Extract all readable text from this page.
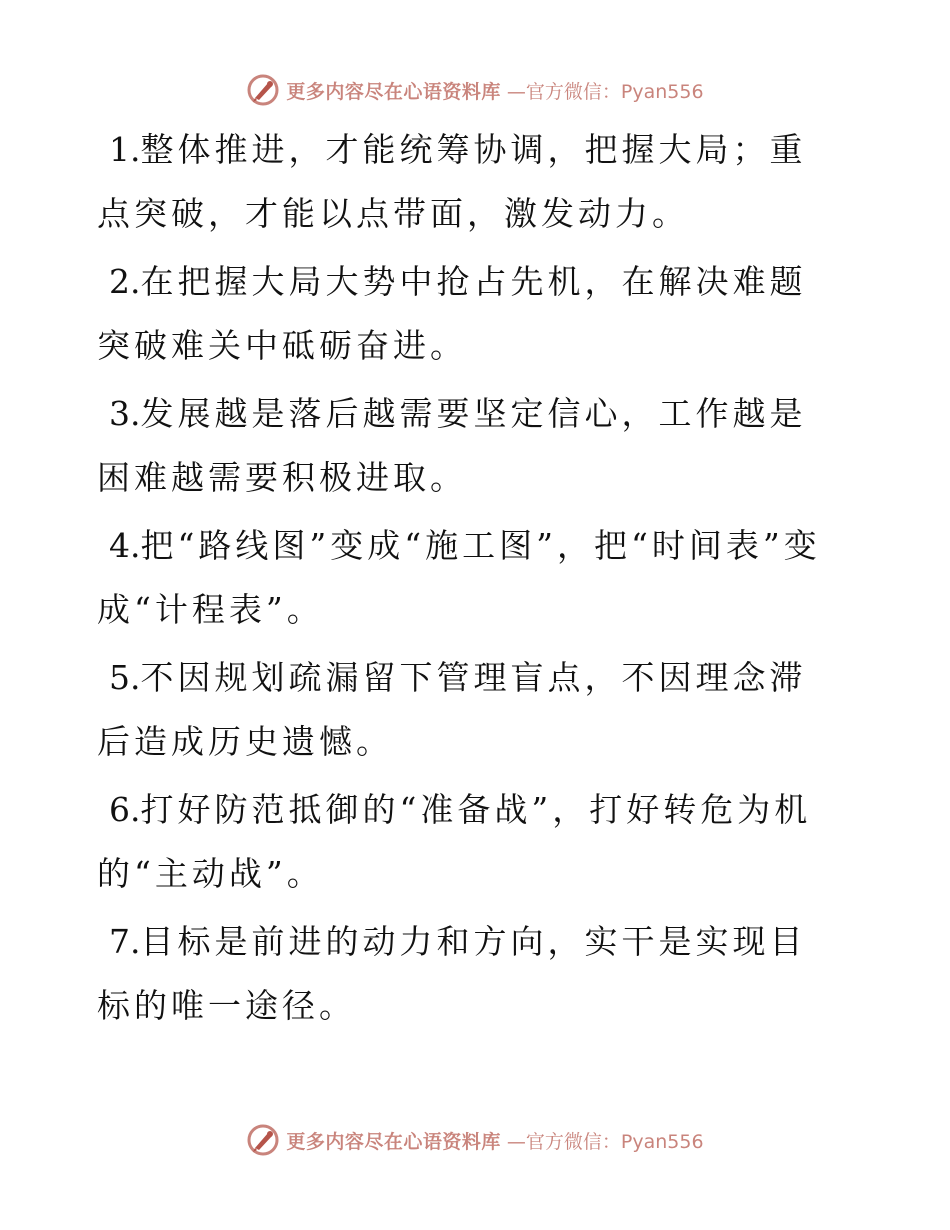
更多内容尽在心语资料库 —官方微信：Pyan556

1.整体推进，才能统筹协调，把握大局；重点突破，才能以点带面，激发动力。

2.在把握大局大势中抢占先机，在解决难题突破难关中砥砺奋进。

3.发展越是落后越需要坚定信心，工作越是困难越需要积极进取。

4.把“路线图”变成“施工图”，把“时间表”变成“计程表”。

5.不因规划疏漏留下管理盲点，不因理念滞后造成历史遗憾。

6.打好防范抵御的“准备战”，打好转危为机的“主动战”。

7.目标是前进的动力和方向，实干是实现目标的唯一途径。

更多内容尽在心语资料库 —官方微信：Pyan556
